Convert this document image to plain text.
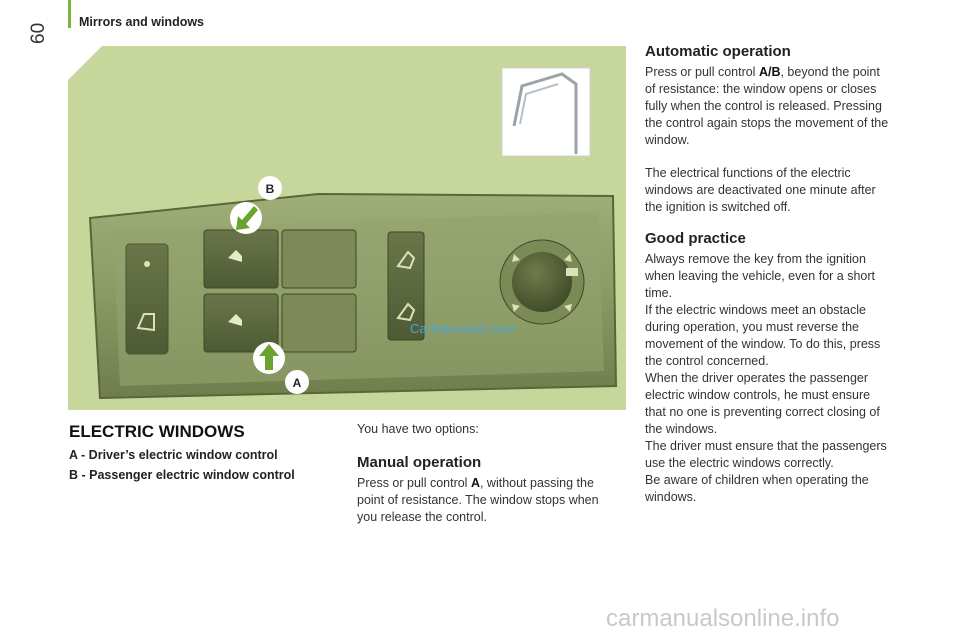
Mirrors and windows
60
B
A
CarManuals2.com
ELECTRIC WINDOWS
A - Driver’s electric window control
B - Passenger electric window control
You have two options:
Manual operation
Press or pull control A, without passing the
point of resistance. The window stops when
you release the control.
Automatic operation
Press or pull control A/B, beyond the point
of resistance: the window opens or closes
fully when the control is released. Pressing
the control again stops the movement of the
window.
The electrical functions of the electric
windows are deactivated one minute after
the ignition is switched off.
Good practice
Always remove the key from the ignition
when leaving the vehicle, even for a short
time.
If the electric windows meet an obstacle
during operation, you must reverse the
movement of the window. To do this, press
the control concerned.
When the driver operates the passenger
electric window controls, he must ensure
that no one is preventing correct closing of
the windows.
The driver must ensure that the passengers
use the electric windows correctly.
Be aware of children when operating the
windows.
carmanualsonline.info
